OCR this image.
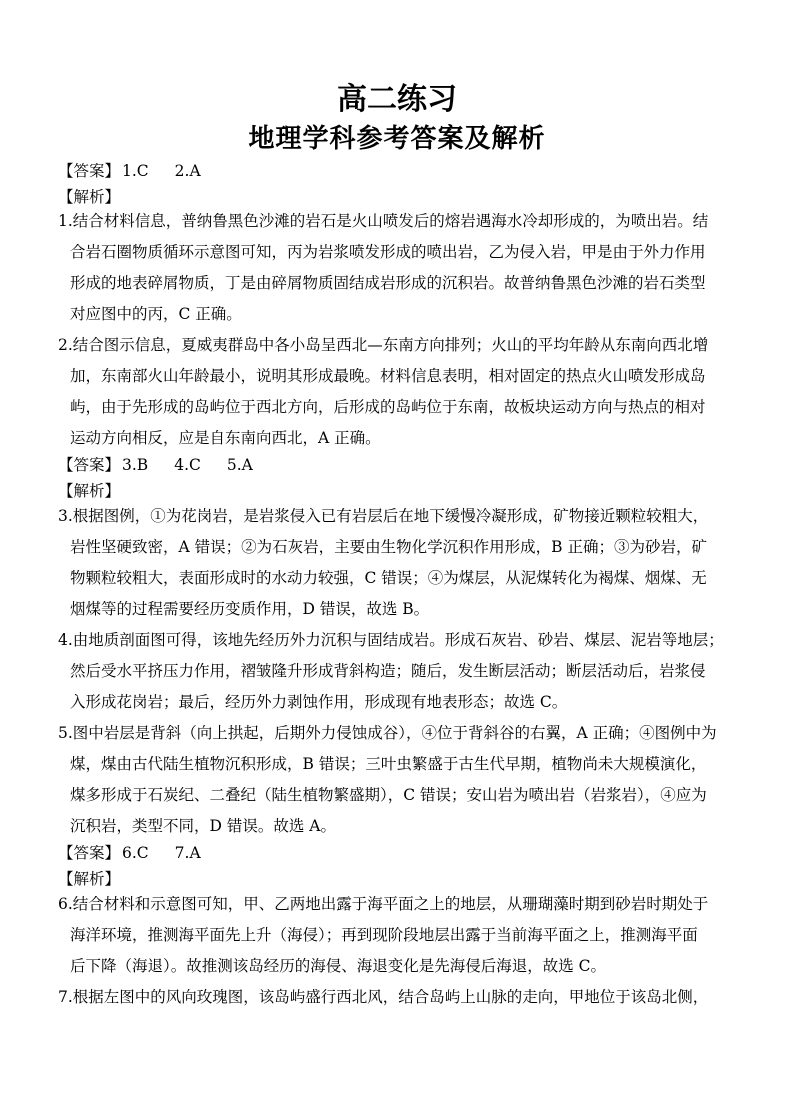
高二练习
地理学科参考答案及解析
【答案】 1.C 2.A
【解析】
1.结合材料信息，普纳鲁黑色沙滩的岩石是火山喷发后的熔岩遇海水冷却形成的，为喷出岩。结
合岩石圈物质循环示意图可知，丙为岩浆喷发形成的喷出岩，乙为侵入岩，甲是由于外力作用
形成的地表碎屑物质，丁是由碎屑物质固结成岩形成的沉积岩。故普纳鲁黑色沙滩的岩石类型
对应图中的丙，C 正确。
2.结合图示信息，夏威夷群岛中各小岛呈西北—东南方向排列；火山的平均年龄从东南向西北增
加，东南部火山年龄最小，说明其形成最晚。材料信息表明，相对固定的热点火山喷发形成岛
屿，由于先形成的岛屿位于西北方向，后形成的岛屿位于东南，故板块运动方向与热点的相对
运动方向相反，应是自东南向西北，A 正确。
【答案】 3.B 4.C 5.A
【解析】
3.根据图例，①为花岗岩，是岩浆侵入已有岩层后在地下缓慢冷凝形成，矿物接近颗粒较粗大，
岩性坚硬致密，A 错误；②为石灰岩，主要由生物化学沉积作用形成，B 正确；③为砂岩，矿
物颗粒较粗大，表面形成时的水动力较强，C 错误；④为煤层，从泥煤转化为褐煤、烟煤、无
烟煤等的过程需要经历变质作用，D 错误，故选 B。
4.由地质剖面图可得，该地先经历外力沉积与固结成岩。形成石灰岩、砂岩、煤层、泥岩等地层；
然后受水平挤压力作用，褶皱隆升形成背斜构造；随后，发生断层活动；断层活动后，岩浆侵
入形成花岗岩；最后，经历外力剥蚀作用，形成现有地表形态；故选 C。
5.图中岩层是背斜（向上拱起，后期外力侵蚀成谷），④位于背斜谷的右翼，A 正确；④图例中为
煤，煤由古代陆生植物沉积形成，B 错误；三叶虫繁盛于古生代早期，植物尚未大规模演化，
煤多形成于石炭纪、二叠纪（陆生植物繁盛期），C 错误；安山岩为喷出岩（岩浆岩），④应为
沉积岩，类型不同，D 错误。故选 A。
【答案】 6.C 7.A
【解析】
6.结合材料和示意图可知，甲、乙两地出露于海平面之上的地层，从珊瑚藻时期到砂岩时期处于
海洋环境，推测海平面先上升（海侵）；再到现阶段地层出露于当前海平面之上，推测海平面
后下降（海退）。故推测该岛经历的海侵、海退变化是先海侵后海退，故选 C。
7.根据左图中的风向玫瑰图，该岛屿盛行西北风，结合岛屿上山脉的走向，甲地位于该岛北侧，
